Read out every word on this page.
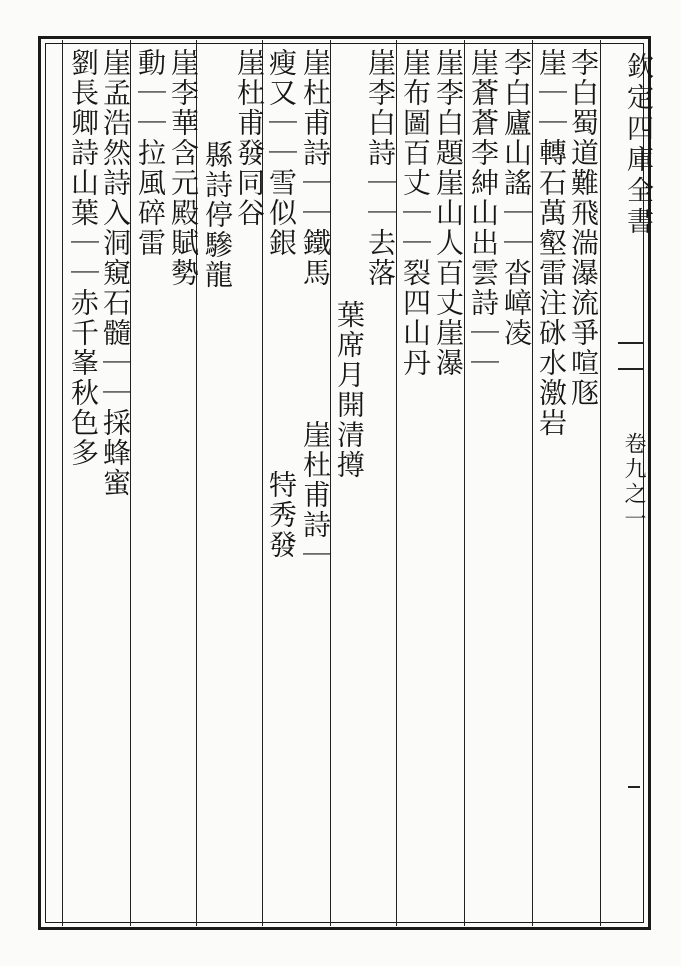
李白蜀道難飛湍瀑流爭喧豗
崖｜｜轉石萬壑雷注砯水激岩
李白廬山謠｜｜沓嶂凌
崖蒼蒼李紳山出雲詩｜｜
崖李白題崖山人百丈崖瀑
崖布圖百丈｜｜裂四山丹
崖李白詩｜｜去落
葉席月開清撙
崖杜甫詩｜｜鐵馬
瘦又｜｜雪似銀
崖杜甫詩｜
特秀發
崖杜甫發同谷
縣詩停驂龍
崖李華含元殿賦勢
動｜｜拉風碎雷
崖孟浩然詩入洞窺石髓｜｜採蜂蜜
劉長卿詩山葉｜｜赤千峯秋色多	欽定四庫全書
卷九之一
